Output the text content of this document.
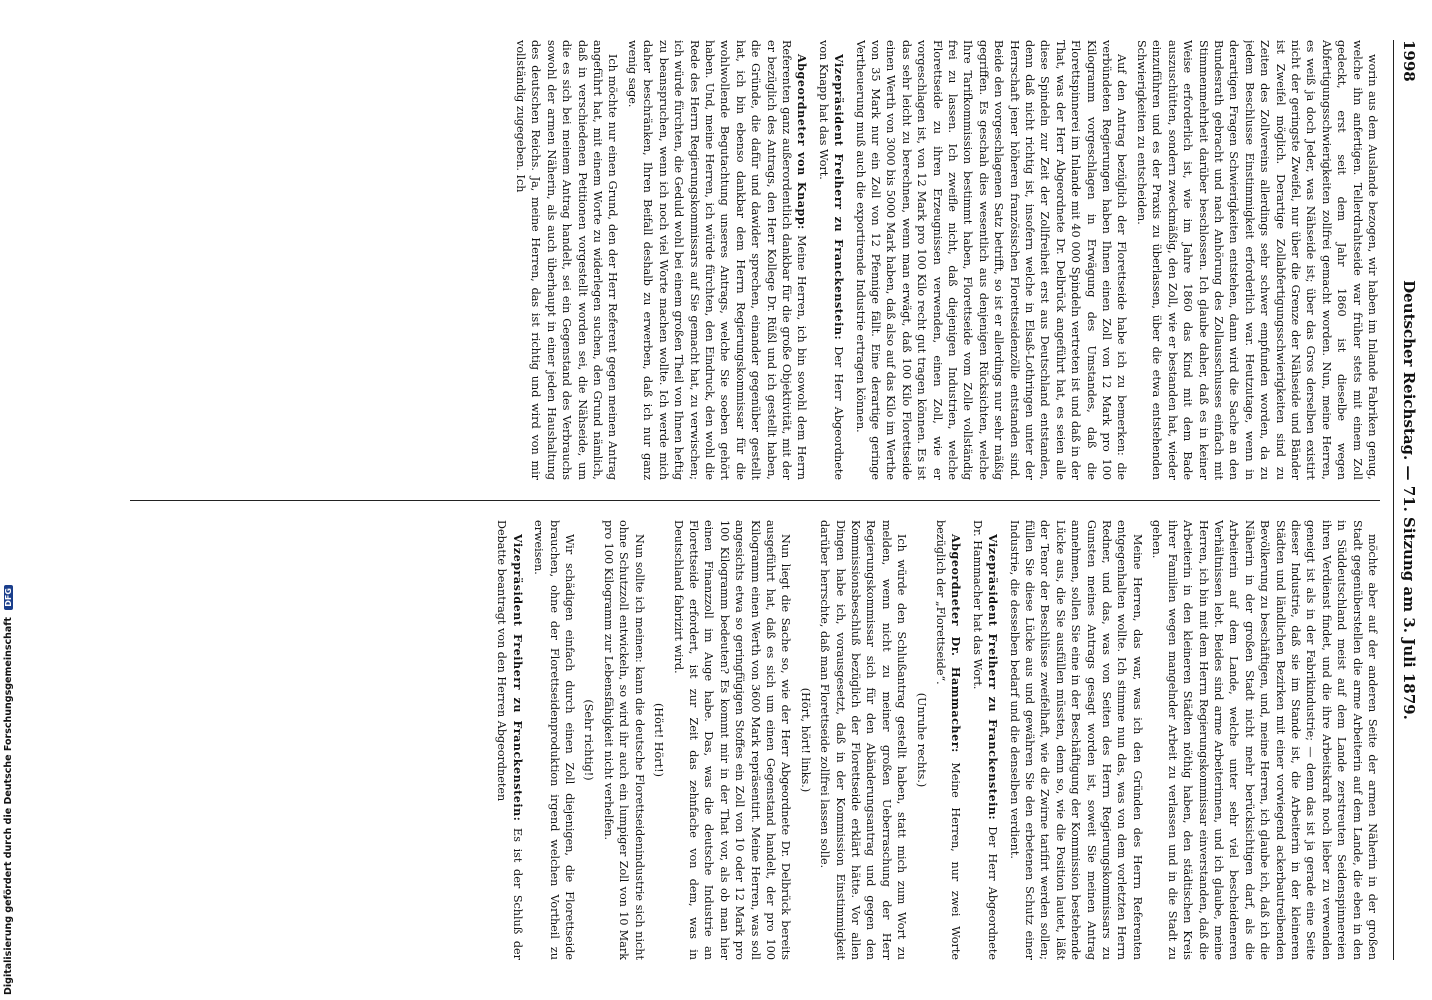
1998
Deutscher Reichstag. — 71. Sitzung am 3. Juli 1879.

worin aus dem Auslande bezogen, wir haben im Inlande Fabriken genug, welche ihn anfertigen. Tellerdrahtseide war früher stets mit einem Zoll gedeckt, erst seit dem Jahr 1860 ist dieselbe wegen Abfertigungsschwierigkeiten zollfrei gemacht worden. Nun, meine Herren, es weiß ja doch Jeder, was Nähseide ist; über das Gros derselben existirt nicht der geringste Zweifel, nur über die Grenze der Nähseide und Bänder ist Zweifel möglich. Derartige Zollabfertigungsschwierigkeiten sind zu Zeiten des Zollvereins allerdings sehr schwer empfunden worden, da zu jedem Beschlusse Einstimmigkeit erforderlich war. Heutzutage, wenn in derartigen Fragen Schwierigkeiten entstehen, dann wird die Sache an den Bundesrath gebracht und nach Anhörung des Zollausschusses einfach mit Stimmenmehrheit darüber beschlossen. Ich glaube daher, daß es in keiner Weise erforderlich ist, wie im Jahre 1860 das Kind mit dem Bade auszuschütten, sondern zweckmäßig, den Zoll, wie er bestanden hat, wieder einzuführen und es der Praxis zu überlassen, über die etwa entstehenden Schwierigkeiten zu entscheiden.

Auf den Antrag bezüglich der Florettseide habe ich zu bemerken: die verbündeten Regierungen haben Ihnen einen Zoll von 12 Mark pro 100 Kilogramm vorgeschlagen in Erwägung des Umstandes, daß die Florettspinnerei im Inlande mit 40 000 Spindeln vertreten ist und daß in der That, was der Herr Abgeordnete Dr. Delbrück angeführt hat, es seien alle diese Spindeln zur Zeit der Zollfreiheit erst aus Deutschland entstanden, denn daß nicht richtig ist, insofern welche in Elsaß-Lothringen unter der Herrschaft jener höheren französischen Florettseidenzölle entstanden sind. Beide den vorgeschlagenen Satz betrifft, so ist er allerdings nur sehr mäßig gegriffen. Es geschah dies wesentlich aus denjenigen Rücksichten, welche Ihre Tarifkommission bestimmt haben, Florettseide vom Zolle vollständig frei zu lassen. Ich zweifle nicht, daß diejenigen Industrien, welche Florettseide zu ihren Erzeugnissen verwenden, einen Zoll, wie er vorgeschlagen ist, von 12 Mark pro 100 Kilo recht gut tragen können. Es ist das sehr leicht zu berechnen, wenn man erwägt, daß 100 Kilo Florettseide einen Werth von 3000 bis 5000 Mark haben, daß also auf das Kilo im Werthe von 35 Mark nur ein Zoll von 12 Pfennige fällt. Eine derartige geringe Vertheuerung muß auch die exportirende Industrie ertragen können.

Vizepräsident Freiherr zu Franckenstein: Der Herr Abgeordnete von Knapp hat das Wort.

Abgeordneter von Knapp: Meine Herren, ich bin sowohl dem Herrn Referenten ganz außerordentlich dankbar für die große Objektivität, mit der er bezüglich des Antrags, den Herr Kollege Dr. Rüßl und ich gestellt haben, die Gründe, die dafür und dawider sprechen, einander gegenüber gestellt hat, ich bin ebenso dankbar dem Herrn Regierungskommissar für die wohlwollende Begutachtung unseres Antrags, welche Sie soeben gehört haben. Und, meine Herren, ich würde fürchten, den Eindruck, den wohl die Rede des Herrn Regierungskommissars auf Sie gemacht hat, zu verwischen; ich würde fürchten, die Geduld wohl bei einem großen Theil von Ihnen heftig zu beanspruchen, wenn ich noch viel Worte machen wollte. Ich werde mich daher beschränken, Ihren Beifall deshalb zu erwerben, daß ich nur ganz wenig sage.

Ich möchte nur einen Grund, den der Herr Referent gegen meinen Antrag angeführt hat, mit einem Worte zu widerlegen suchen, den Grund nämlich, daß in verschiedenen Petitionen vorgestellt worden sei, die Nähseide, um die es sich bei meinem Antrag handelt, sei ein Gegenstand des Verbrauchs sowohl der armen Näherin, als auch überhaupt in einer jeden Haushaltung des deutschen Reichs. Ja, meine Herren, das ist richtig und wird von mir vollständig zugegeben. Ich

möchte aber auf der anderen Seite der armen Näherin in der großen Stadt gegenüberstellen die arme Arbeiterin auf dem Lande, die eben in den in Süddeutschland meist auf dem Lande zerstreuten Seidenspinnereien ihren Verdienst findet, und die ihre Arbeitskraft noch lieber zu verwenden geneigt ist als in der Fabrikindustrie; — denn das ist ja gerade eine Seite dieser Industrie, daß sie im Stande ist, die Arbeiterin in der kleineren Städten und ländlichen Bezirken mit einer vorwiegend ackerbautreibenden Bevölkerung zu beschäftigen, und, meine Herren, ich glaube ich, daß ich die Näherin in der großen Stadt nicht mehr berücksichtigen darf, als die Arbeiterin auf dem Lande, welche unter sehr viel bescheideneren Verhältnissen lebt. Beides sind arme Arbeiterinnen, und ich glaube, meine Herren, ich bin mit dem Herrn Regierungskommissar einverstanden, daß die Arbeiterin in den kleineren Städten nöthig haben, den städtischen Kreis ihrer Familien wegen mangelnder Arbeit zu verlassen und in die Stadt zu gehen.

Meine Herren, das war, was ich den Gründen des Herrn Referenten entgegenhalten wollte. Ich stimme nun das, was von dem vorletzten Herrn Redner, und das, was von Seiten des Herrn Regierungskommissars zu Gunsten meines Antrags gesagt worden ist, soweit Sie meinen Antrag annehmen, sollen Sie eine in der Beschäftigung der Kommission bestehende Lücke aus, die Sie ausfüllen müssten, denn so, wie die Position lautet, läßt der Tenor der Beschlüsse zweifelhaft, wie die Zwirne tarifirt werden sollen; füllen Sie diese Lücke aus und gewähren Sie den erbetenen Schutz einer Industrie, die desselben bedarf und die denselben verdient.

Vizepräsident Freiherr zu Franckenstein: Der Herr Abgeordnete Dr. Hammacher hat das Wort.

Abgeordneter Dr. Hammacher: Meine Herren, nur zwei Worte bezüglich der „Florettseide“.

(Unruhe rechts.)

Ich würde den Schlußantrag gestellt haben, statt mich zum Wort zu melden, wenn nicht zu meiner großen Ueberraschung der Herr Regierungskommissar sich für den Abänderungsantrag und gegen den Kommissionsbeschluß bezüglich der Florettseide erklärt hätte. Vor allen Dingen habe ich, vorausgesetzt, daß in der Kommission Einstimmigkeit darüber herrschte, daß man Florettseide zollfrei lassen solle.

(Hört, hört! links.)

Nun liegt die Sache so, wie der Herr Abgeordnete Dr. Delbrück bereits ausgeführt hat, daß es sich um einen Gegenstand handelt, der pro 100 Kilogramm einen Werth von 3600 Mark repräsentirt. Meine Herren, was soll angesichts etwa so geringfügigen Stoffes ein Zoll von 10 oder 12 Mark pro 100 Kilogramm bedeuten? Es kommt mir in der That vor, als ob man hier einen Finanzzoll im Auge habe. Das, was die deutsche Industrie an Florettseide erfordert, ist zur Zeit das zehnfache von dem, was in Deutschland fabrizirt wird.

(Hört! Hört!)

Nun sollte ich meinen: kann die deutsche Florettseidenindustrie sich nicht ohne Schutzzoll entwickeln, so wird ihr auch ein lumpiger Zoll von 10 Mark pro 100 Kilogramm zur Lebensfähigkeit nicht verhelfen.

(Sehr richtig!)

Wir schädigen einfach durch einen Zoll diejenigen, die Florettseide brauchen, ohne der Florettseidenproduktion irgend welchen Vortheil zu erweisen.

Vizepräsident Freiherr zu Franckenstein: Es ist der Schluß der Debatte beantragt von den Herren Abgeordneten

Digitalisierung gefördert durch die Deutsche Forschungsgemeinschaft DFG
